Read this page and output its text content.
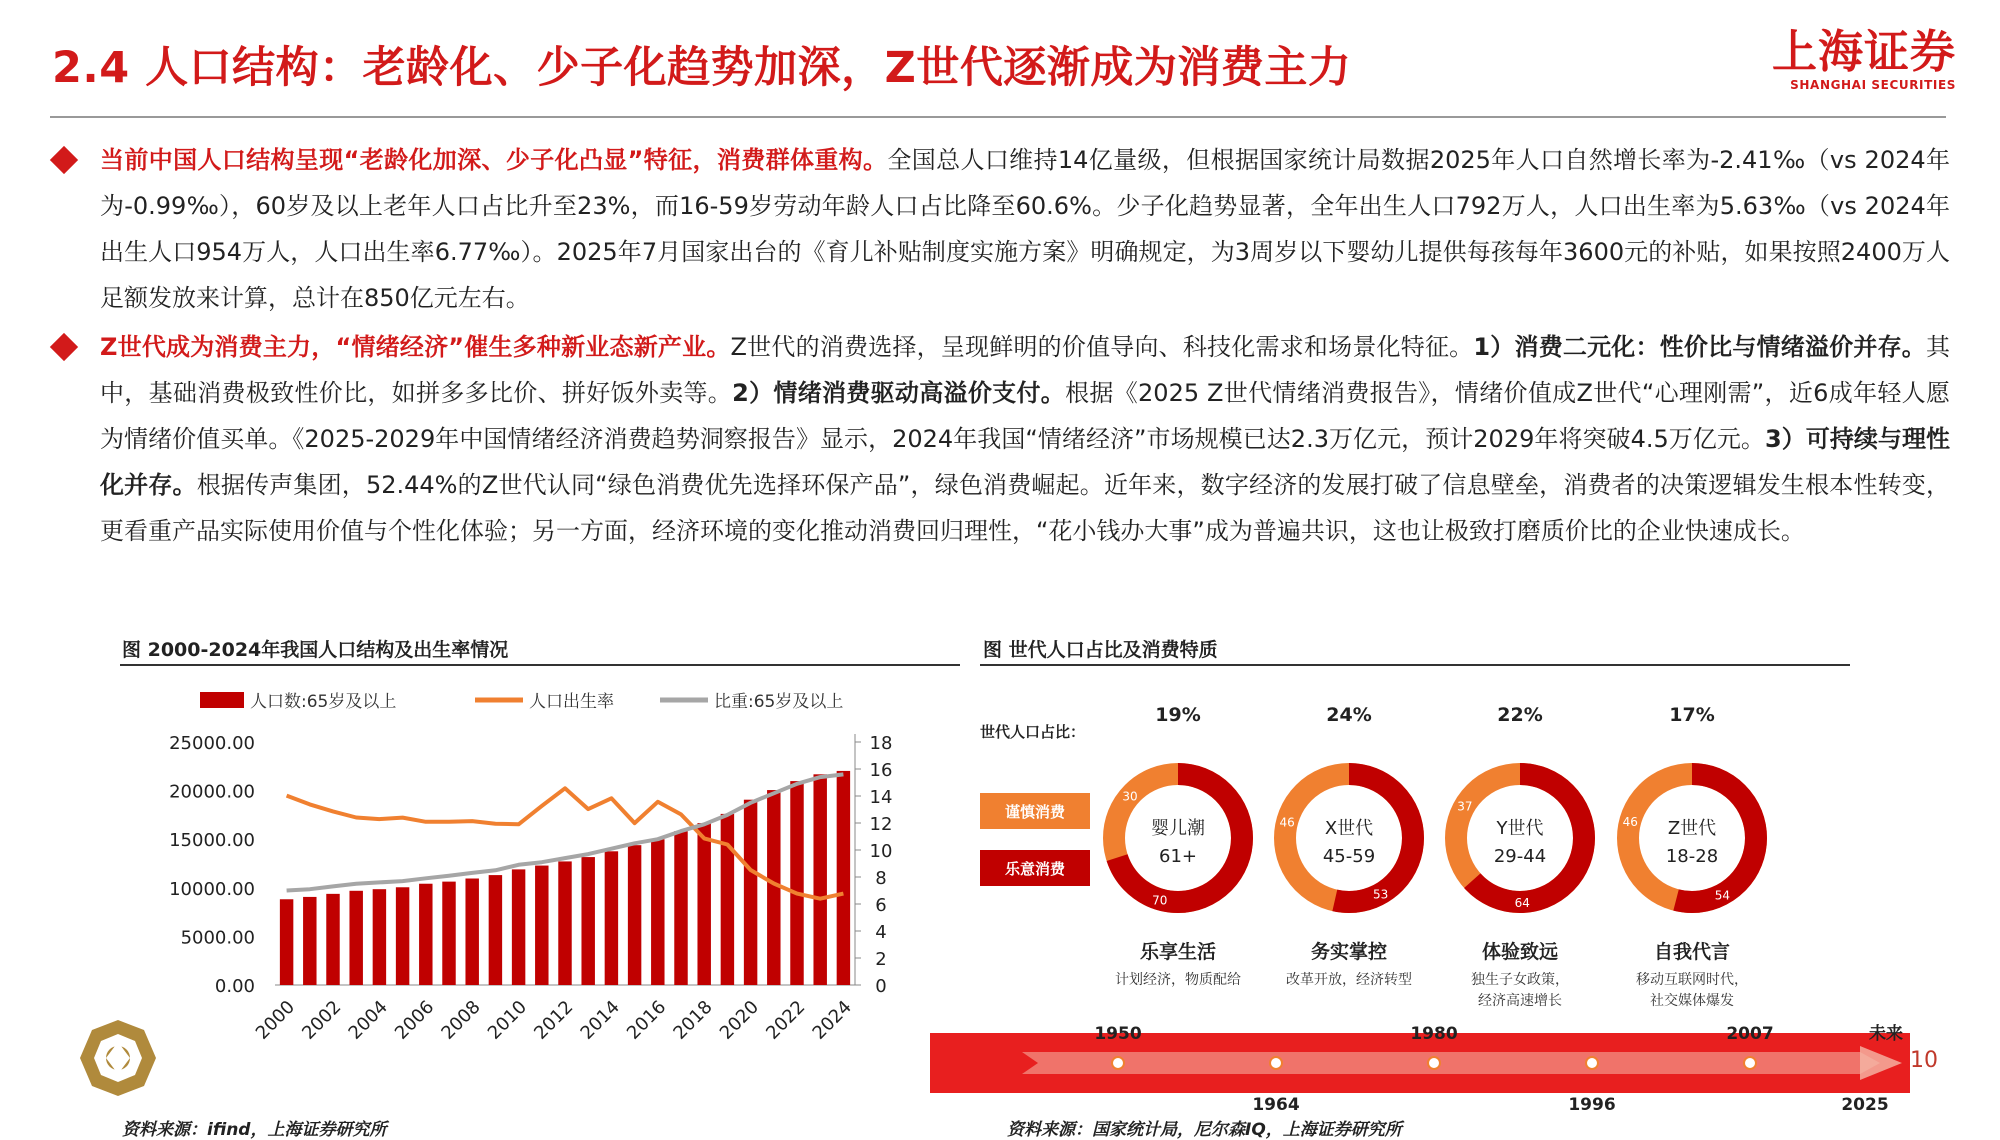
2.4 人口结构：老龄化、少子化趋势加深，Z世代逐渐成为消费主力	上海证券
SHANGHAI SECURITIES
当前中国人口结构呈现“老龄化加深、少子化凸显”特征，消费群体重构。全国总人口维持14亿量级，但根据国家统计局数据2025年人口自然增长率为-2.41‰（vs 2024年为-0.99‰），60岁及以上老年人口占比升至23%，而16-59岁劳动年龄人口占比降至60.6%。少子化趋势显著，全年出生人口792万人，人口出生率为5.63‰（vs 2024年出生人口954万人，人口出生率6.77‰）。2025年7月国家出台的《育儿补贴制度实施方案》明确规定，为3周岁以下婴幼儿提供每孩每年3600元的补贴，如果按照2400万人足额发放来计算，总计在850亿元左右。
Z世代成为消费主力，“情绪经济”催生多种新业态新产业。Z世代的消费选择，呈现鲜明的价值导向、科技化需求和场景化特征。1）消费二元化：性价比与情绪溢价并存。其中，基础消费极致性价比，如拼多多比价、拼好饭外卖等。2）情绪消费驱动高溢价支付。根据《2025 Z世代情绪消费报告》，情绪价值成Z世代“心理刚需”，近6成年轻人愿为情绪价值买单。《2025-2029年中国情绪经济消费趋势洞察报告》显示，2024年我国“情绪经济”市场规模已达2.3万亿元，预计2029年将突破4.5万亿元。3）可持续与理性化并存。根据传声集团，52.44%的Z世代认同“绿色消费优先选择环保产品”，绿色消费崛起。近年来，数字经济的发展打破了信息壁垒，消费者的决策逻辑发生根本性转变，更看重产品实际使用价值与个性化体验；另一方面，经济环境的变化推动消费回归理性，“花小钱办大事”成为普遍共识，这也让极致打磨质价比的企业快速成长。
图 2000-2024年我国人口结构及出生率情况
人口数:65岁及以上	人口出生率	比重:65岁及以上
0.00
5000.00
10000.00
15000.00
20000.00
25000.00
0
2
4
6
8
10
12
14
16
18
2000 2002 2004 2006 2008 2010 2012 2014 2016 2018 2020 2022 2024
图 世代人口占比及消费特质
世代人口占比：
谨慎消费
乐意消费
19%
70
30
婴儿潮
61+
乐享生活
计划经济，物质配给
24%
53
46 X世代
45-59
务实掌控
改革开放，经济转型
22%
64
37
Y世代
29-44
体验致远
独生子女政策，
经济高速增长
17%
54
46 Z世代
18-28
自我代言
移动互联网时代，
社交媒体爆发
1950	1980	2007	未来
1964	1996	2025
资料来源：ifind，上海证券研究所	资料来源：国家统计局，尼尔森IQ，上海证券研究所
10
